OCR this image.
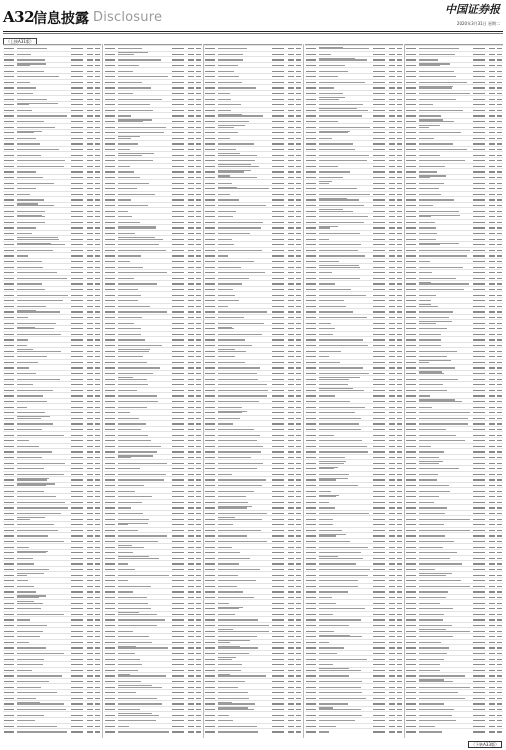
A32
信息披露 Disclosure
中国证券报
2020年3月31日 星期二
（上接A31版）
（下转A33版）
